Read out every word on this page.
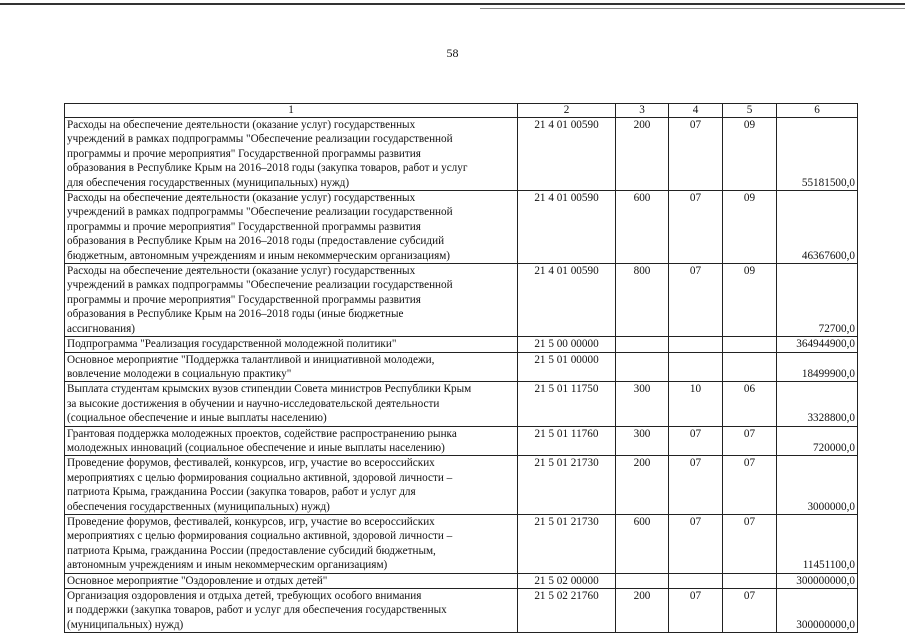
58
1	2	3	4	5	6
Расходы на обеспечение деятельности (оказание услуг) государственных
учреждений в рамках подпрограммы "Обеспечение реализации государственной
программы и прочие мероприятия" Государственной программы развития
образования в Республике Крым на 2016–2018 годы (закупка товаров, работ и услуг
для обеспечения государственных (муниципальных) нужд)	21 4 01 00590	200	07	09	55181500,0
Расходы на обеспечение деятельности (оказание услуг) государственных
учреждений в рамках подпрограммы "Обеспечение реализации государственной
программы и прочие мероприятия" Государственной программы развития
образования в Республике Крым на 2016–2018 годы (предоставление субсидий
бюджетным, автономным учреждениям и иным некоммерческим организациям)	21 4 01 00590	600	07	09	46367600,0
Расходы на обеспечение деятельности (оказание услуг) государственных
учреждений в рамках подпрограммы "Обеспечение реализации государственной
программы и прочие мероприятия" Государственной программы развития
образования в Республике Крым на 2016–2018 годы (иные бюджетные
ассигнования)	21 4 01 00590	800	07	09	72700,0
Подпрограмма "Реализация государственной молодежной политики"	21 5 00 00000				364944900,0
Основное мероприятие "Поддержка талантливой и инициативной молодежи,
вовлечение молодежи в социальную практику"	21 5 01 00000				18499900,0
Выплата студентам крымских вузов стипендии Совета министров Республики Крым
за высокие достижения в обучении и научно-исследовательской деятельности
(социальное обеспечение и иные выплаты населению)	21 5 01 11750	300	10	06	3328800,0
Грантовая поддержка молодежных проектов, содействие распространению рынка
молодежных инноваций (социальное обеспечение и иные выплаты населению)	21 5 01 11760	300	07	07	720000,0
Проведение форумов, фестивалей, конкурсов, игр, участие во всероссийских
мероприятиях с целью формирования социально активной, здоровой личности –
патриота Крыма, гражданина России (закупка товаров, работ и услуг для
обеспечения государственных (муниципальных) нужд)	21 5 01 21730	200	07	07	3000000,0
Проведение форумов, фестивалей, конкурсов, игр, участие во всероссийских
мероприятиях с целью формирования социально активной, здоровой личности –
патриота Крыма, гражданина России (предоставление субсидий бюджетным,
автономным учреждениям и иным некоммерческим организациям)	21 5 01 21730	600	07	07	11451100,0
Основное мероприятие "Оздоровление и отдых детей"	21 5 02 00000				300000000,0
Организация оздоровления и отдыха детей, требующих особого внимания
и поддержки (закупка товаров, работ и услуг для обеспечения государственных
(муниципальных) нужд)	21 5 02 21760	200	07	07	300000000,0
